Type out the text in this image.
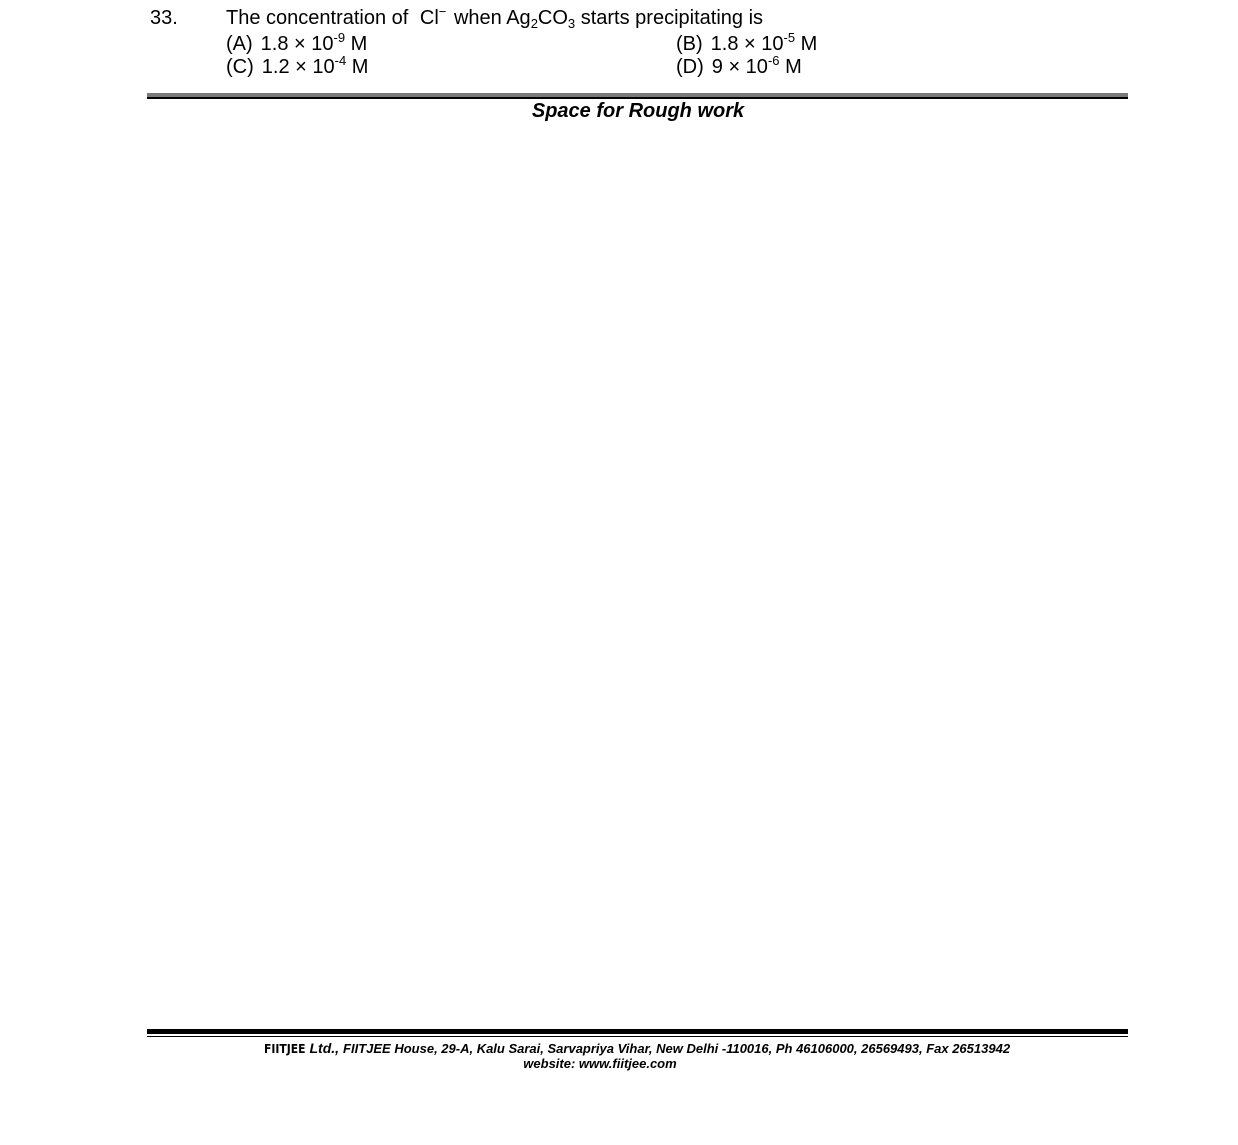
33. The concentration of Cl− when $Ag_2CO_3$ starts precipitating is
(A) $1.8 \times 10^{-9}$ M	(B) $1.8 \times 10^{-5}$ M
(C) $1.2 \times 10^{-4}$ M	(D) $9 \times 10^{-6}$ M
Space for Rough work
FIITJEE Ltd., FIITJEE House, 29-A, Kalu Sarai, Sarvapriya Vihar, New Delhi -110016, Ph 46106000, 26569493, Fax 26513942
website: www.fiitjee.com
